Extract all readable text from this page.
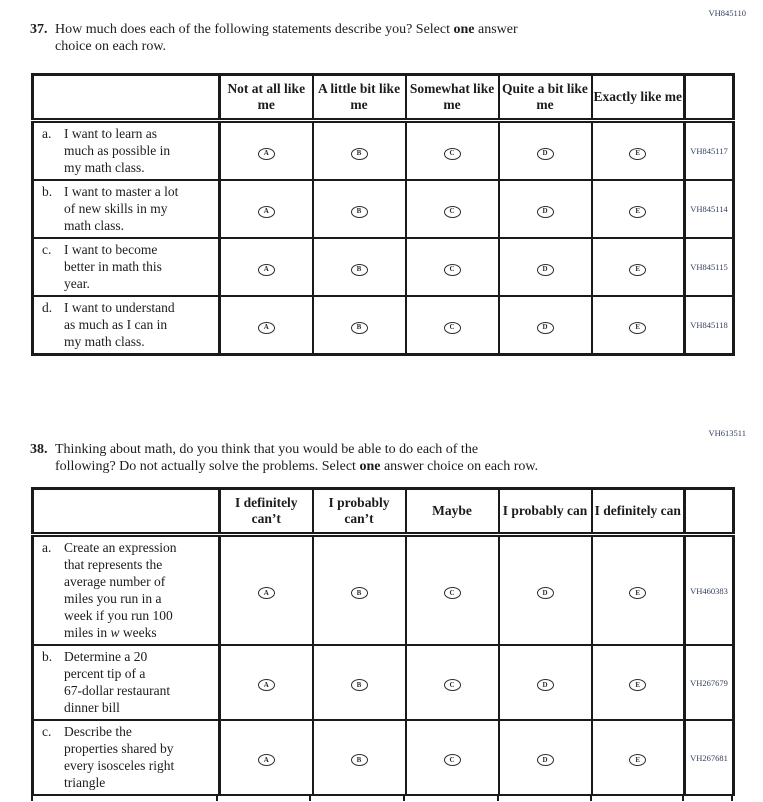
VH845110
37. How much does each of the following statements describe you? Select one answer
choice on each row.
	Not at all like me	A little bit like me	Somewhat like me	Quite a bit like me	Exactly like me	

a. I want to learn as
much as possible in
my math class.	A	B	C	D	E	VH845117

b. I want to master a lot
of new skills in my
math class.	A	B	C	D	E	VH845114

c. I want to become
better in math this
year.	A	B	C	D	E	VH845115

d. I want to understand
as much as I can in
my math class.	A	B	C	D	E	VH845118
VH613511
38. Thinking about math, do you think that you would be able to do each of the
following? Do not actually solve the problems. Select one answer choice on each row.
	I definitely can’t	I probably can’t	Maybe	I probably can	I definitely can	

a. Create an expression
that represents the
average number of
miles you run in a
week if you run 100
miles in w weeks
	A	B	C	D	E	VH460383

b. Determine a 20
percent tip of a
67-dollar restaurant
dinner bill	A	B	C	D	E	VH267679

c. Describe the
properties shared by
every isosceles right
triangle	A	B	C	D	E	VH267681
